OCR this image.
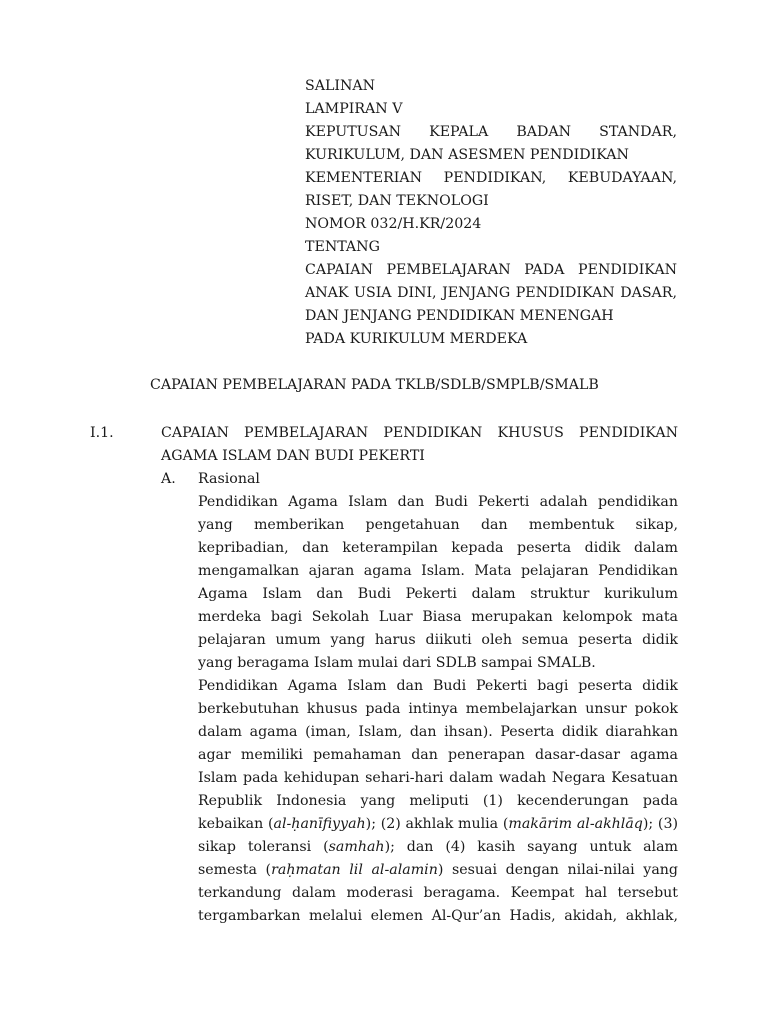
SALINAN
LAMPIRAN V
KEPUTUSAN KEPALA BADAN STANDAR,
KURIKULUM, DAN ASESMEN PENDIDIKAN
KEMENTERIAN PENDIDIKAN, KEBUDAYAAN,
RISET, DAN TEKNOLOGI
NOMOR 032/H.KR/2024
TENTANG
CAPAIAN PEMBELAJARAN PADA PENDIDIKAN
ANAK USIA DINI, JENJANG PENDIDIKAN DASAR,
DAN JENJANG PENDIDIKAN MENENGAH
PADA KURIKULUM MERDEKA
CAPAIAN PEMBELAJARAN PADA TKLB/SDLB/SMPLB/SMALB
I.1.	CAPAIAN PEMBELAJARAN PENDIDIKAN KHUSUS PENDIDIKAN
AGAMA ISLAM DAN BUDI PEKERTI
A. Rasional
Pendidikan Agama Islam dan Budi Pekerti adalah pendidikan
yang memberikan pengetahuan dan membentuk sikap,
kepribadian, dan keterampilan kepada peserta didik dalam
mengamalkan ajaran agama Islam. Mata pelajaran Pendidikan
Agama Islam dan Budi Pekerti dalam struktur kurikulum
merdeka bagi Sekolah Luar Biasa merupakan kelompok mata
pelajaran umum yang harus diikuti oleh semua peserta didik
yang beragama Islam mulai dari SDLB sampai SMALB.
Pendidikan Agama Islam dan Budi Pekerti bagi peserta didik
berkebutuhan khusus pada intinya membelajarkan unsur pokok
dalam agama (iman, Islam, dan ihsan). Peserta didik diarahkan
agar memiliki pemahaman dan penerapan dasar-dasar agama
Islam pada kehidupan sehari-hari dalam wadah Negara Kesatuan
Republik Indonesia yang meliputi (1) kecenderungan pada
kebaikan (al-ḥanīfiyyah); (2) akhlak mulia (makārim al-akhlāq); (3)
sikap toleransi (samhah); dan (4) kasih sayang untuk alam
semesta (raḥmatan lil al-alamin) sesuai dengan nilai-nilai yang
terkandung dalam moderasi beragama. Keempat hal tersebut
tergambarkan melalui elemen Al-Qur’an Hadis, akidah, akhlak,
